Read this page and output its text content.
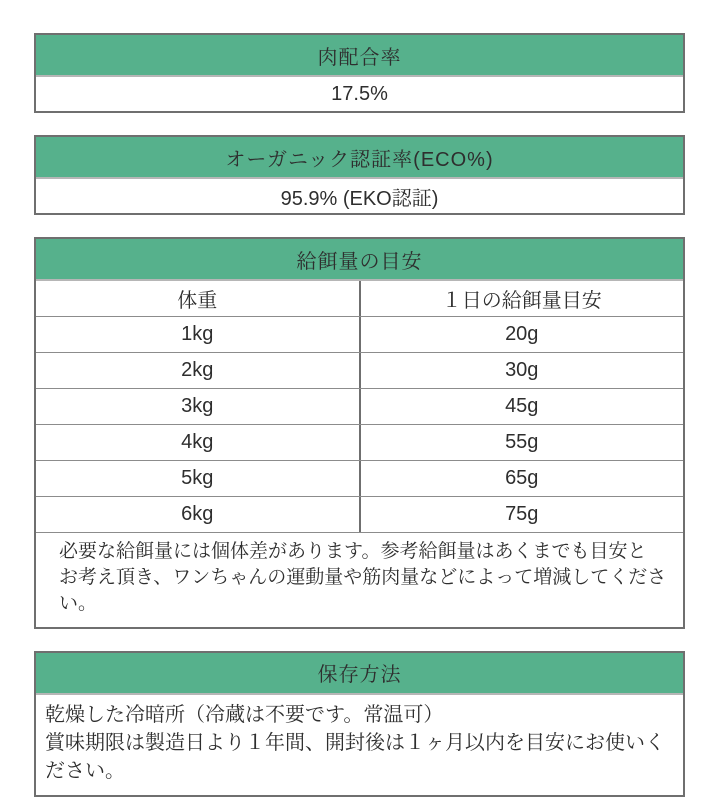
肉配合率
17.5%
オーガニック認証率(ECO%)
95.9% (EKO認証)
給餌量の目安
体重	１日の給餌量目安
1kg	20g
2kg	30g
3kg	45g
4kg	55g
5kg	65g
6kg	75g
必要な給餌量には個体差があります。参考給餌量はあくまでも目安と
お考え頂き、ワンちゃんの運動量や筋肉量などによって増減してください。
保存方法
乾燥した冷暗所（冷蔵は不要です。常温可）
賞味期限は製造日より１年間、開封後は１ヶ月以内を目安にお使いください。
